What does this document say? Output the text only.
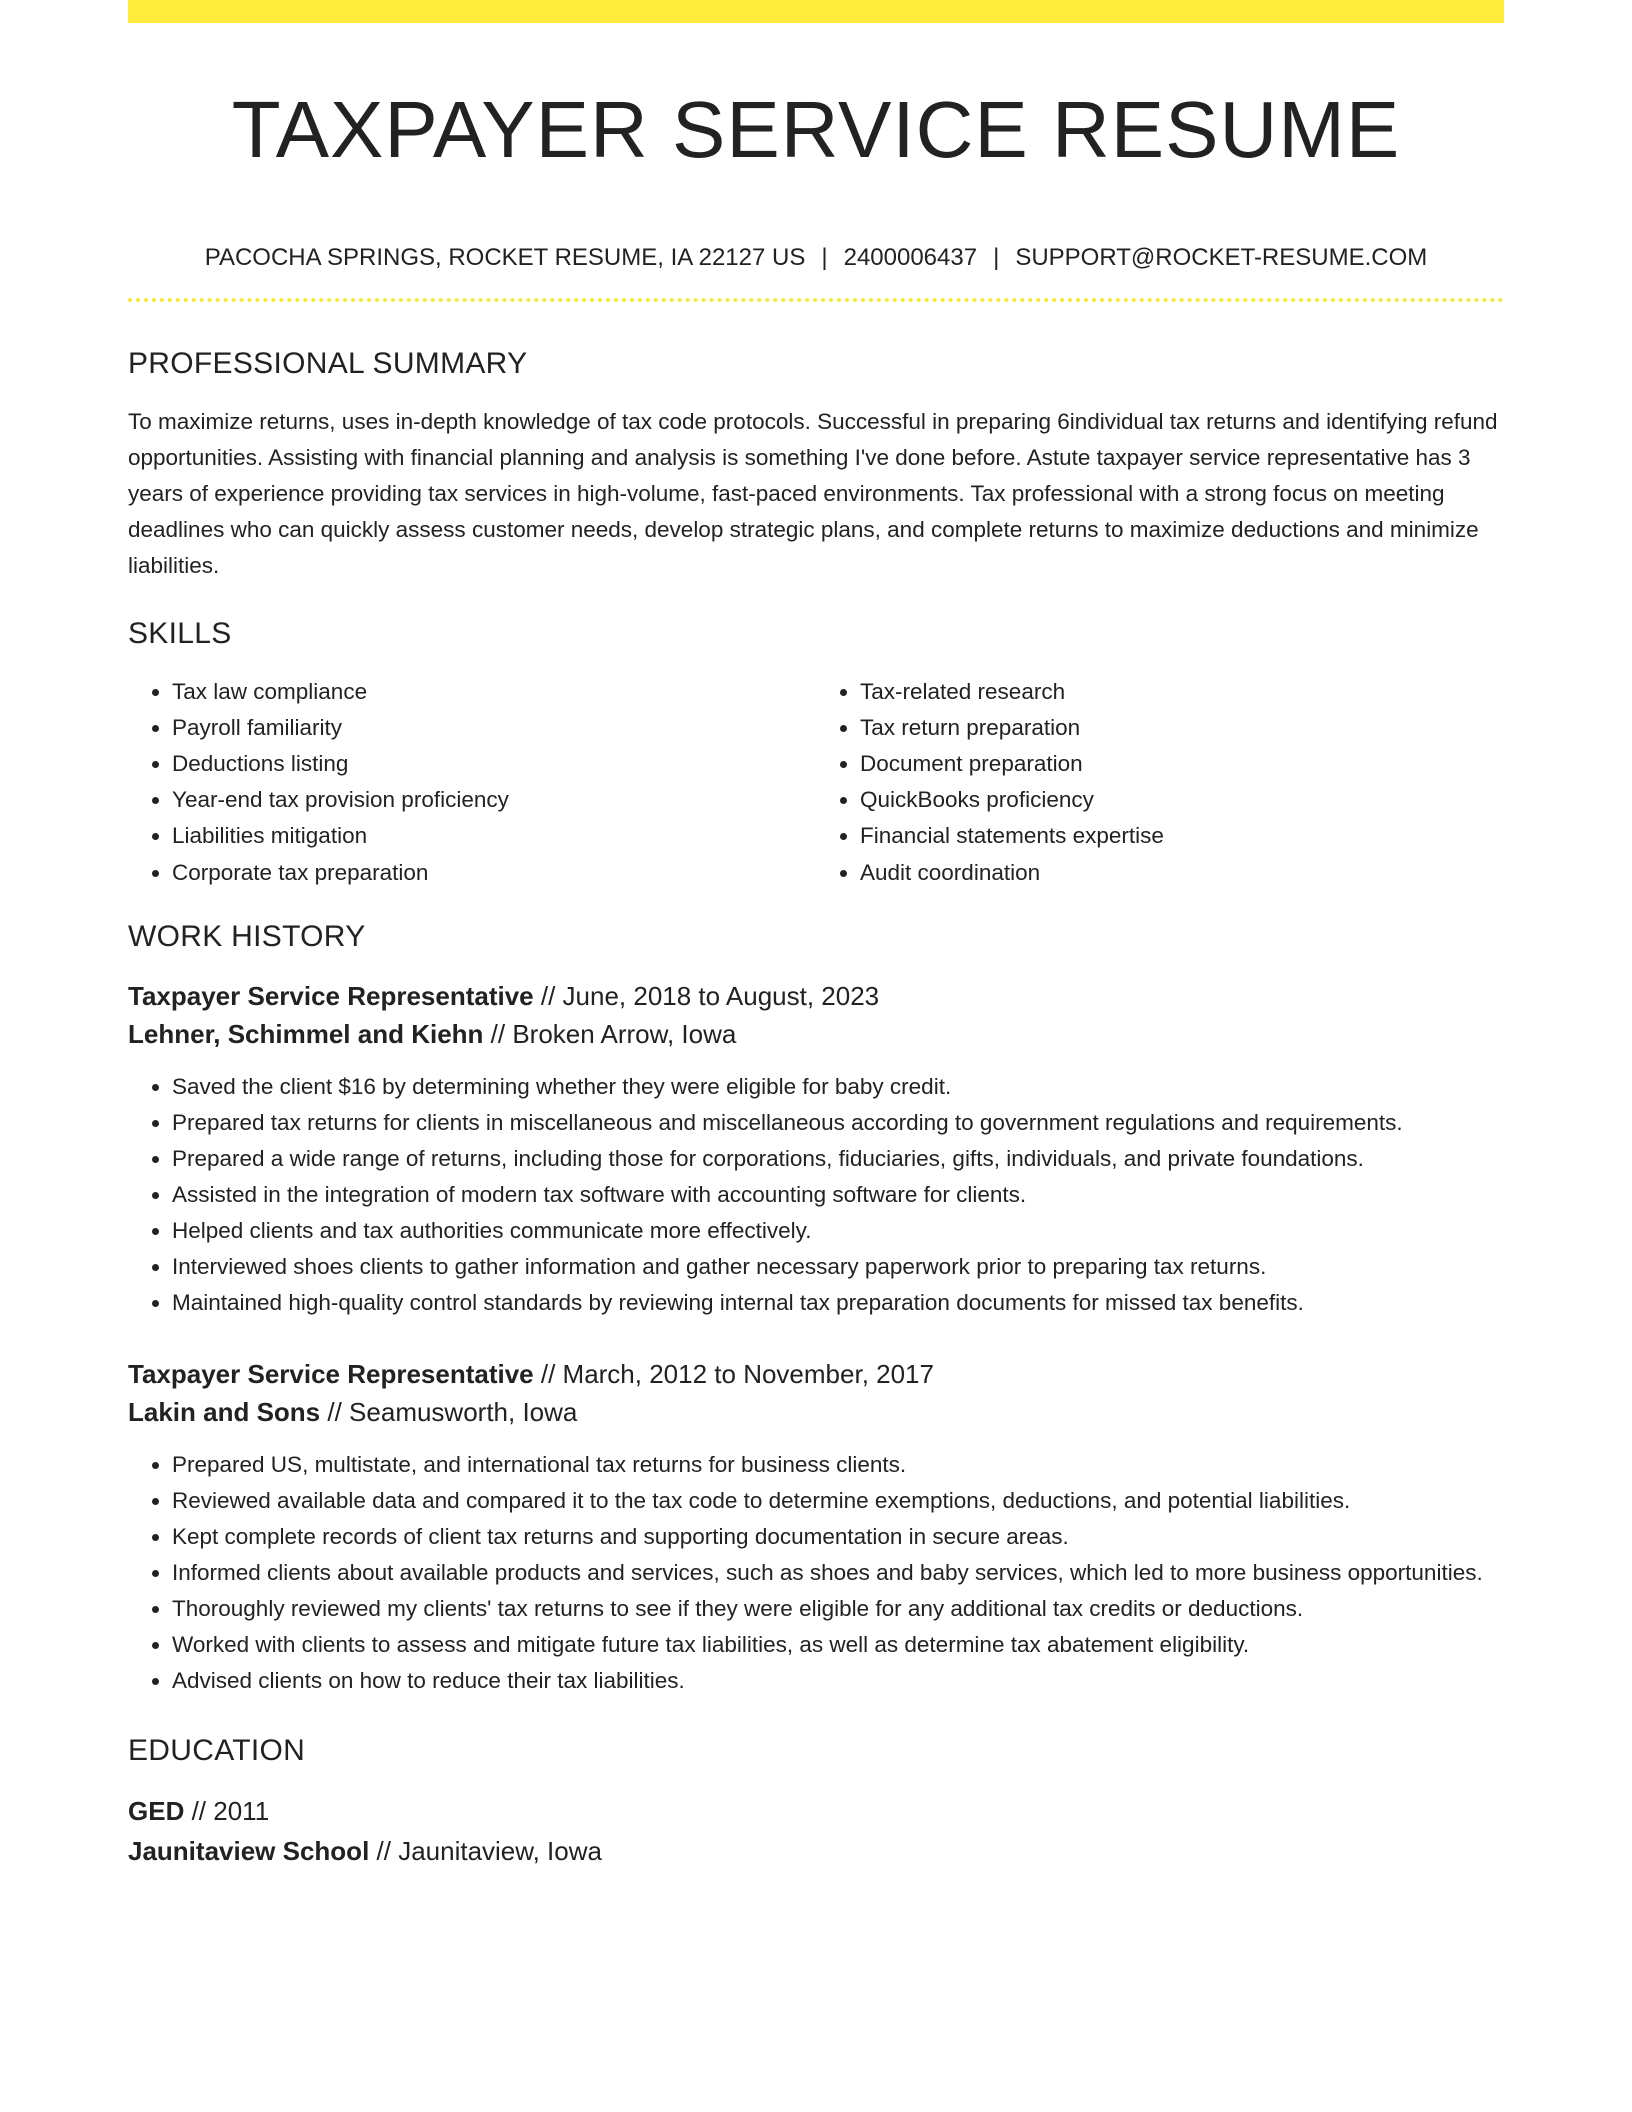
TAXPAYER SERVICE RESUME
PACOCHA SPRINGS, ROCKET RESUME, IA 22127 US | 2400006437 | SUPPORT@ROCKET-RESUME.COM
PROFESSIONAL SUMMARY

To maximize returns, uses in-depth knowledge of tax code protocols. Successful in preparing 6individual tax returns and identifying refund opportunities. Assisting with financial planning and analysis is something I've done before. Astute taxpayer service representative has 3 years of experience providing tax services in high-volume, fast-paced environments. Tax professional with a strong focus on meeting deadlines who can quickly assess customer needs, develop strategic plans, and complete returns to maximize deductions and minimize liabilities.

SKILLS
• Tax law compliance
• Payroll familiarity
• Deductions listing
• Year-end tax provision proficiency
• Liabilities mitigation
• Corporate tax preparation
• Tax-related research
• Tax return preparation
• Document preparation
• QuickBooks proficiency
• Financial statements expertise
• Audit coordination
WORK HISTORY
Taxpayer Service Representative // June, 2018 to August, 2023
Lehner, Schimmel and Kiehn // Broken Arrow, Iowa
• Saved the client $16 by determining whether they were eligible for baby credit.
• Prepared tax returns for clients in miscellaneous and miscellaneous according to government regulations and requirements.
• Prepared a wide range of returns, including those for corporations, fiduciaries, gifts, individuals, and private foundations.
• Assisted in the integration of modern tax software with accounting software for clients.
• Helped clients and tax authorities communicate more effectively.
• Interviewed shoes clients to gather information and gather necessary paperwork prior to preparing tax returns.
• Maintained high-quality control standards by reviewing internal tax preparation documents for missed tax benefits.
Taxpayer Service Representative // March, 2012 to November, 2017
Lakin and Sons // Seamusworth, Iowa
• Prepared US, multistate, and international tax returns for business clients.
• Reviewed available data and compared it to the tax code to determine exemptions, deductions, and potential liabilities.
• Kept complete records of client tax returns and supporting documentation in secure areas.
• Informed clients about available products and services, such as shoes and baby services, which led to more business opportunities.
• Thoroughly reviewed my clients' tax returns to see if they were eligible for any additional tax credits or deductions.
• Worked with clients to assess and mitigate future tax liabilities, as well as determine tax abatement eligibility.
• Advised clients on how to reduce their tax liabilities.
EDUCATION
GED // 2011
Jaunitaview School // Jaunitaview, Iowa
